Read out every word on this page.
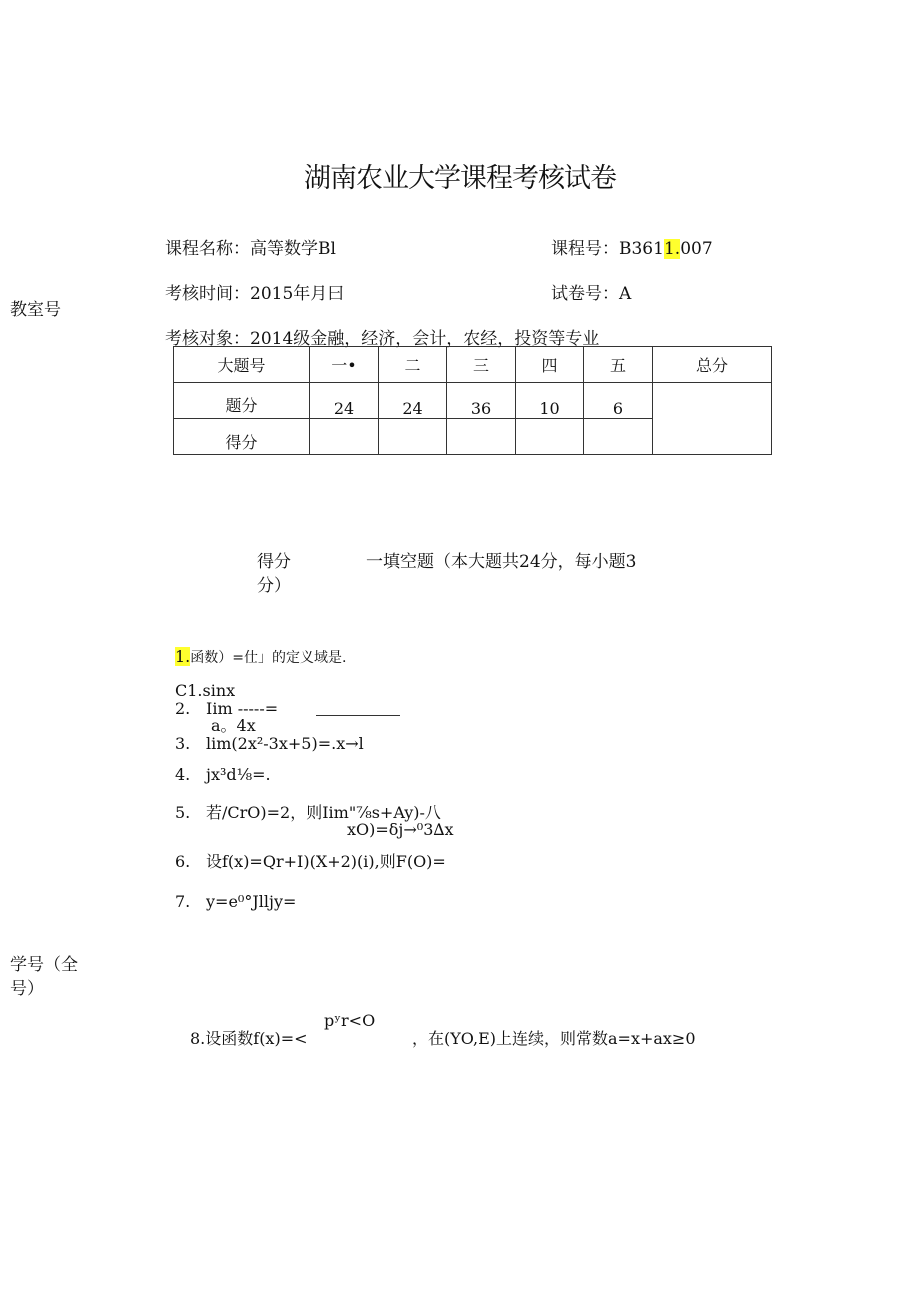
湖南农业大学课程考核试卷
课程名称：高等数学Bl	课程号：B3611.007
考核时间：2015年月曰	试卷号：A
教室号
考核对象：2014级金融，经济，会计，农经，投资等专业
大题号	一•	二	三	四	五	总分
题分	24	24	36	10	6	
得分						
得分	一填空题（本大题共24分，每小题3
分）
1.函数）=仕」的定义域是.
C1.sinx
2. Iim -----=
a。4x
3. lim(2x²-3x+5)=.x→l
4. jx³d⅛=.
5. 若/CrO)=2，则Iim"⅞s+Ay)-八
xO)=δj→⁰3∆x
6. 设f(x)=Qr+I)(X+2)(i),则F(O)=
7. y=e⁰°Jlljy=
学号（全
号）
pʸr<O
8.设函数f(x)=<	，在(YO,E)上连续，则常数a=x+ax≥0
